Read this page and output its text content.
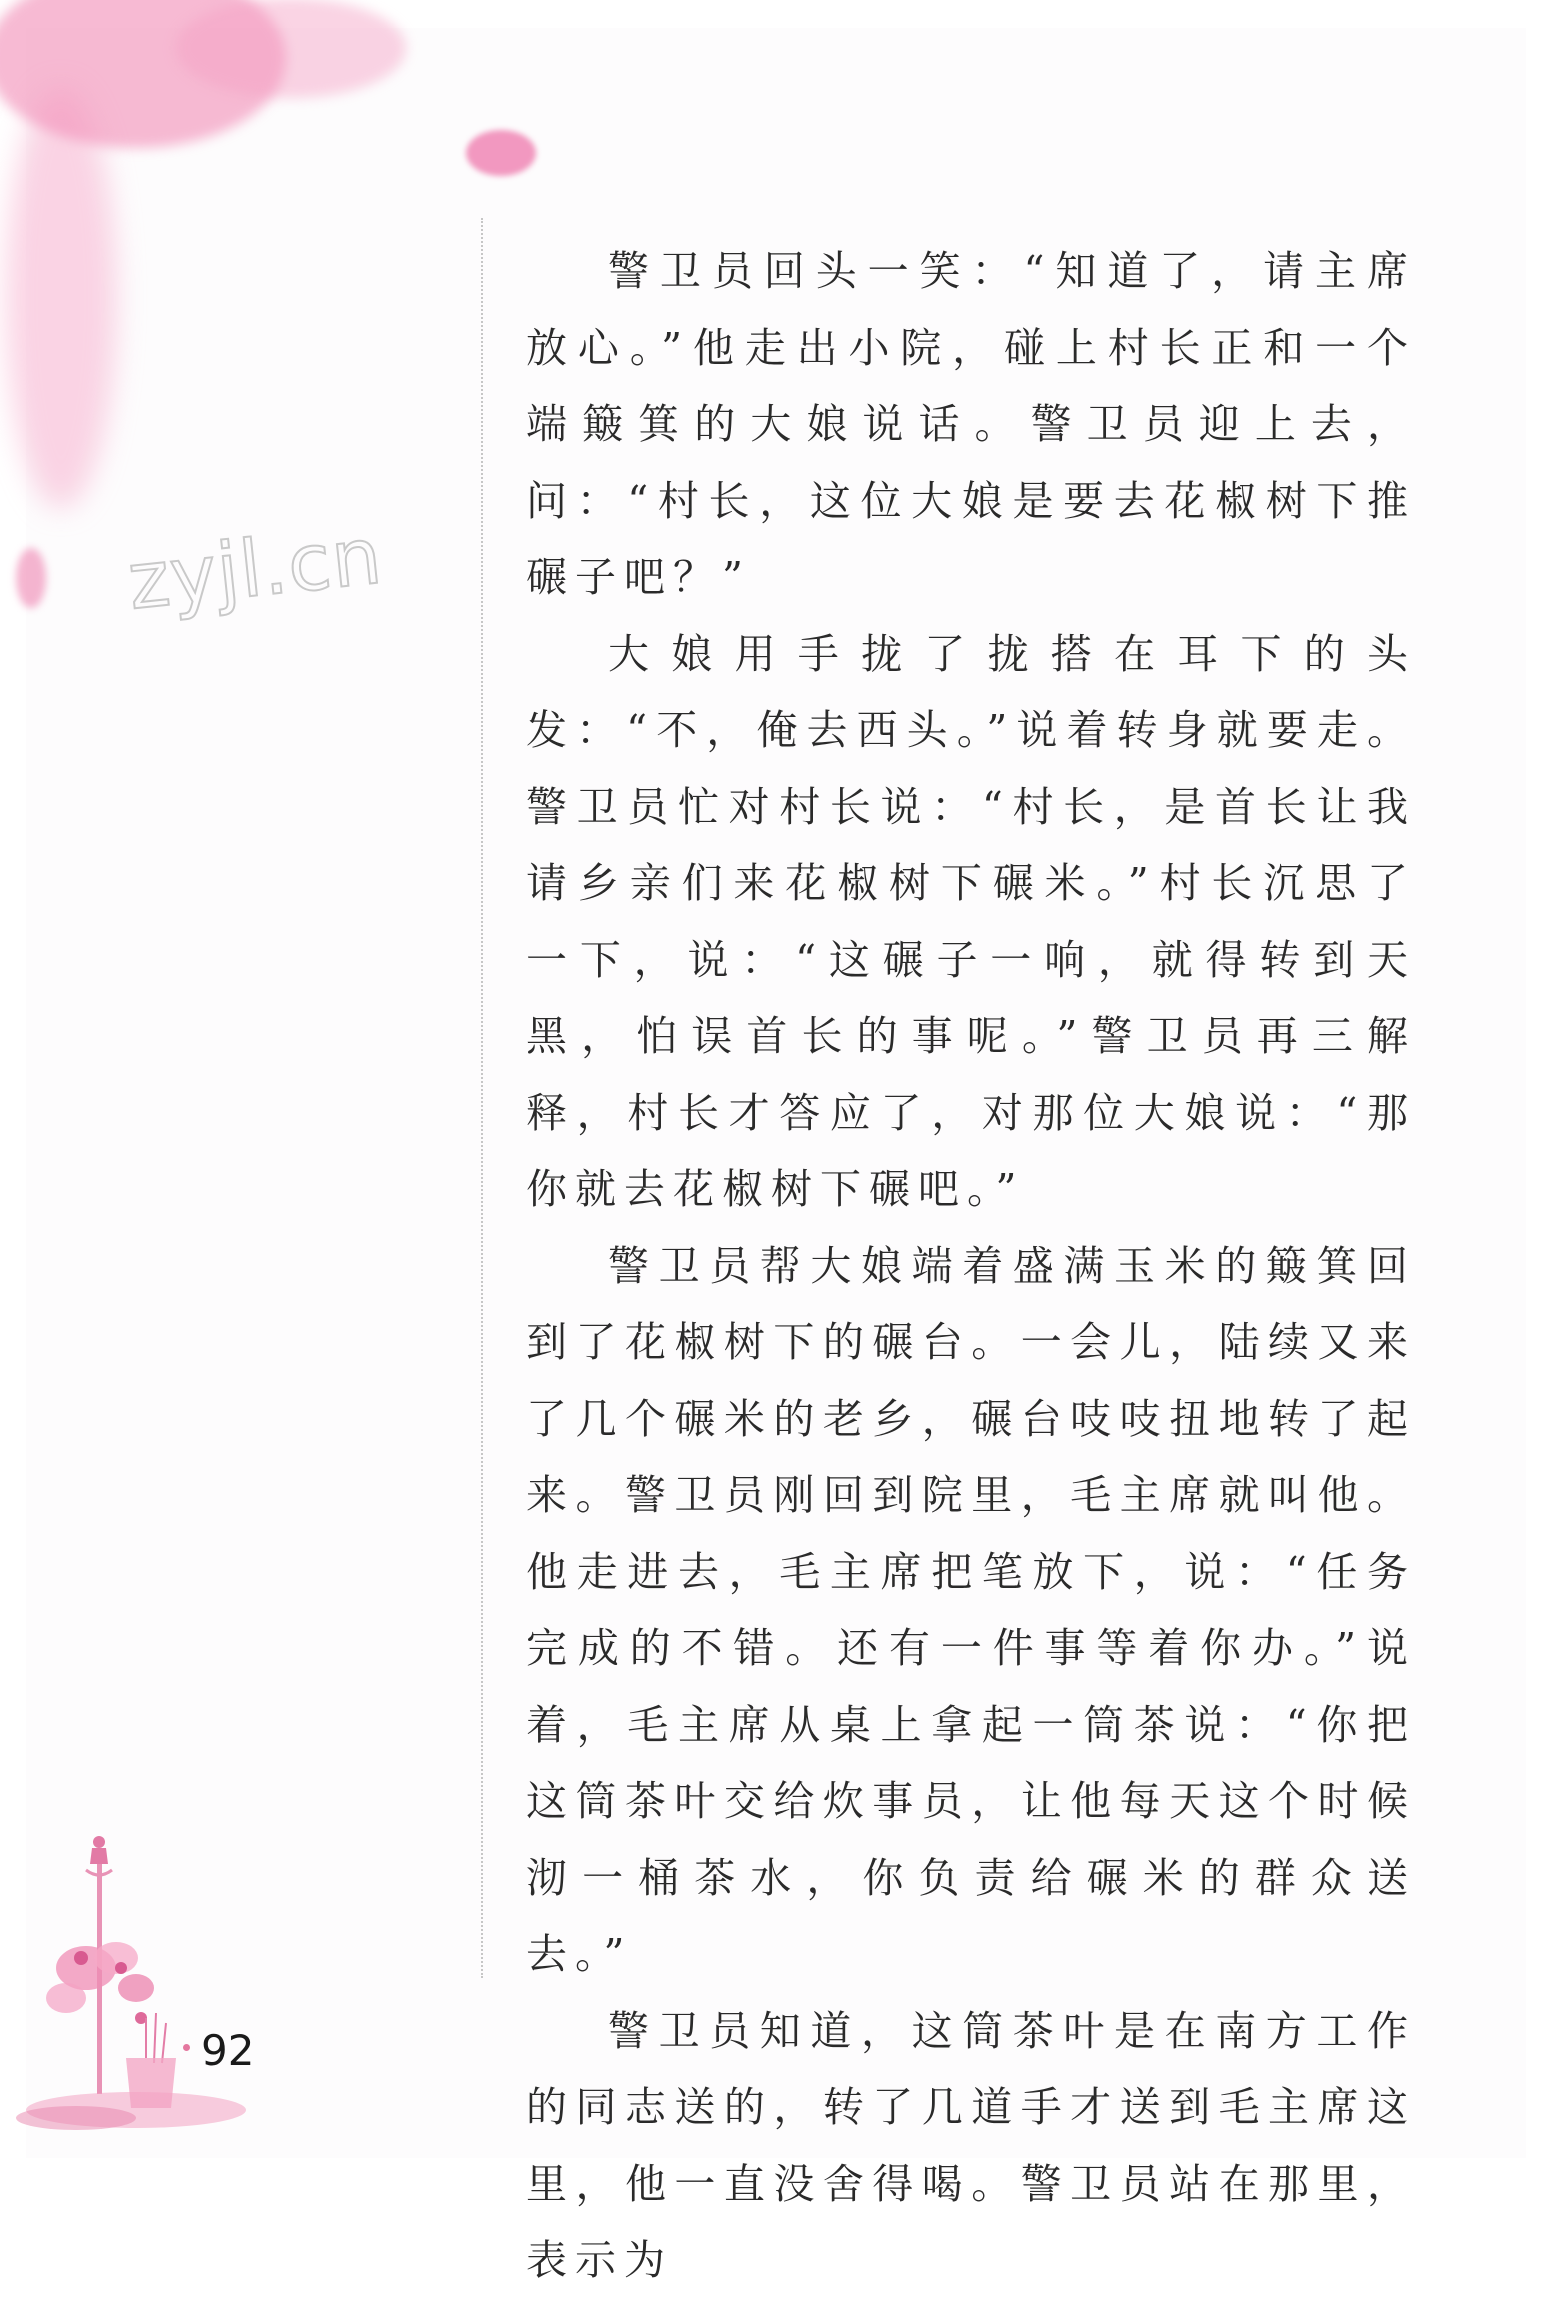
zyjl.cn

警卫员回头一笑：“知道了，请主席放心。”他走出小院，碰上村长正和一个端簸箕的大娘说话。警卫员迎上去，问：“村长，这位大娘是要去花椒树下推碾子吧？”

大娘用手拢了拢搭在耳下的头发：“不，俺去西头。”说着转身就要走。警卫员忙对村长说：“村长，是首长让我请乡亲们来花椒树下碾米。”村长沉思了一下，说：“这碾子一响，就得转到天黑，怕误首长的事呢。”警卫员再三解释，村长才答应了，对那位大娘说：“那你就去花椒树下碾吧。”

警卫员帮大娘端着盛满玉米的簸箕回到了花椒树下的碾台。一会儿，陆续又来了几个碾米的老乡，碾台吱吱扭地转了起来。警卫员刚回到院里，毛主席就叫他。他走进去，毛主席把笔放下，说：“任务完成的不错。还有一件事等着你办。”说着，毛主席从桌上拿起一筒茶说：“你把这筒茶叶交给炊事员，让他每天这个时候沏一桶茶水，你负责给碾米的群众送去。”

警卫员知道，这筒茶叶是在南方工作的同志送的，转了几道手才送到毛主席这里，他一直没舍得喝。警卫员站在那里，表示为

92
